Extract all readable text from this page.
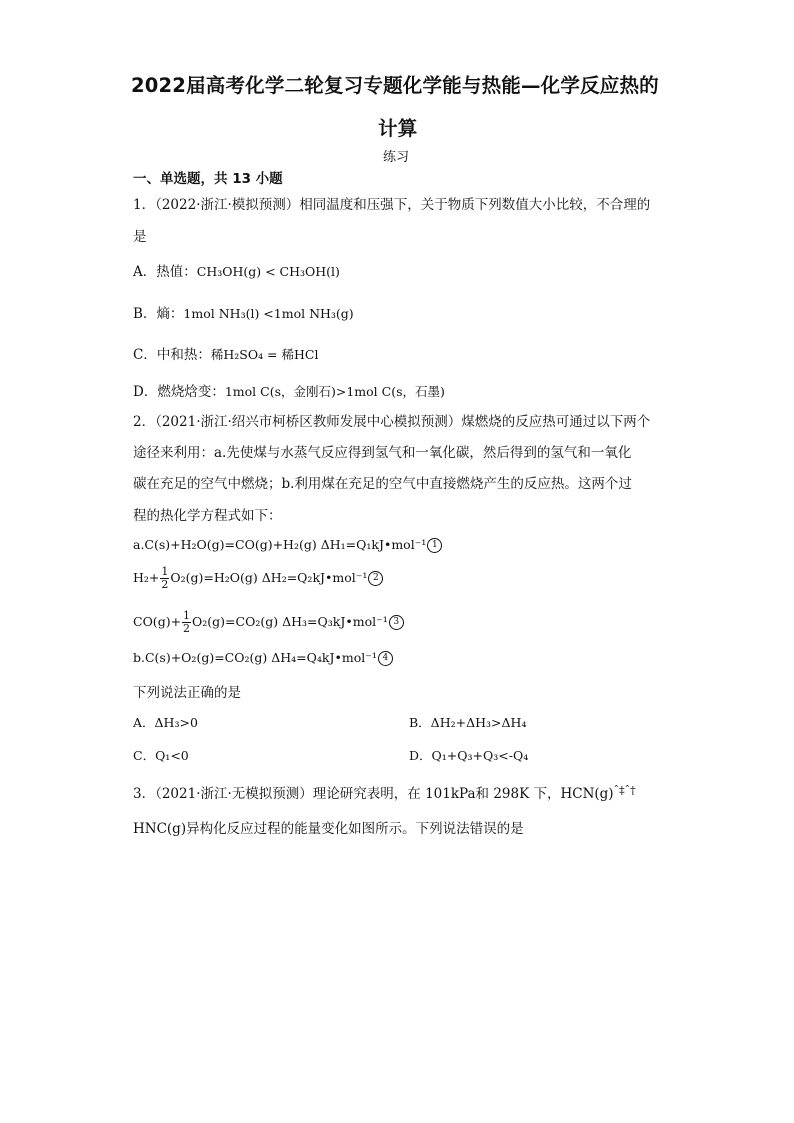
2022届高考化学二轮复习专题化学能与热能—化学反应热的
计算
练习
一、单选题，共 13 小题
1．（2022·浙江·模拟预测）相同温度和压强下，关于物质下列数值大小比较，不合理的
是
A．热值：CH₃OH(g) < CH₃OH(l)
B．熵：1mol NH₃(l) <1mol NH₃(g)
C．中和热：稀H₂SO₄ = 稀HCl
D．燃烧焓变：1mol C(s，金刚石)>1mol C(s，石墨)
2．（2021·浙江·绍兴市柯桥区教师发展中心模拟预测）煤燃烧的反应热可通过以下两个
途径来利用：a.先使煤与水蒸气反应得到氢气和一氧化碳，然后得到的氢气和一氧化
碳在充足的空气中燃烧；b.利用煤在充足的空气中直接燃烧产生的反应热。这两个过
程的热化学方程式如下：
a.C(s)+H₂O(g)=CO(g)+H₂(g) ΔH₁=Q₁kJ•mol⁻¹ 1
$H_2+ \frac{1}{2} O_2(g)=H_2O(g)$ ΔH₂=Q₂kJ•mol⁻¹ 2
$CO(g)+ \frac{1}{2} O_2(g)=CO_2(g)$ ΔH₃=Q₃kJ•mol⁻¹ 3
b.C(s)+O₂(g)=CO₂(g) ΔH₄=Q₄kJ•mol⁻¹ 4
下列说法正确的是
A．ΔH₃>0	B．ΔH₂+ΔH₃>ΔH₄
C．Q₁<0	D．Q₁+Q₃+Q₃<-Q₄
3．（2021·浙江·无模拟预测）理论研究表明，在 101kPa和 298K 下，$HCN(g)^{ˆ\ddagger ˆ\dagger}$
HNC(g)异构化反应过程的能量变化如图所示。下列说法错误的是
